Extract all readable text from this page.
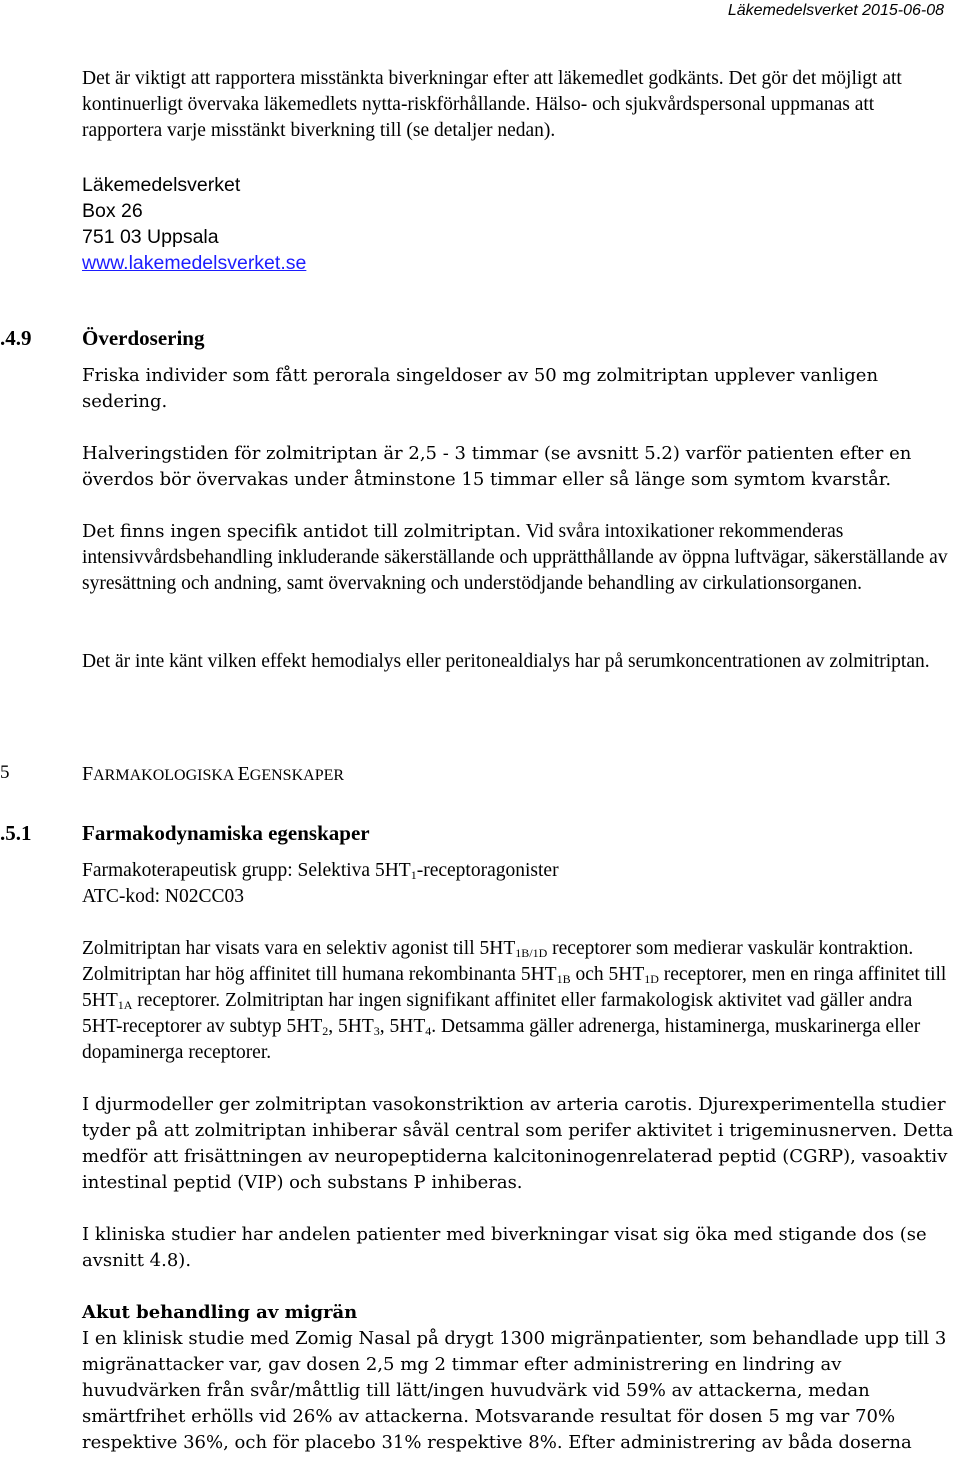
Läkemedelsverket 2015-06-08

Det är viktigt att rapportera misstänkta biverkningar efter att läkemedlet godkänts. Det gör det möjligt att kontinuerligt övervaka läkemedlets nytta-riskförhållande. Hälso- och sjukvårdspersonal uppmanas att rapportera varje misstänkt biverkning till (se detaljer nedan).

Läkemedelsverket
Box 26
751 03 Uppsala
www.lakemedelsverket.se
.4.9 Överdosering

Friska individer som fått perorala singeldoser av 50 mg zolmitriptan upplever vanligen sedering.

Halveringstiden för zolmitriptan är 2,5 - 3 timmar (se avsnitt 5.2) varför patienten efter en överdos bör övervakas under åtminstone 15 timmar eller så länge som symtom kvarstår.

Det finns ingen specifik antidot till zolmitriptan. Vid svåra intoxikationer rekommenderas intensivvårdsbehandling inkluderande säkerställande och upprätthållande av öppna luftvägar, säkerställande av syresättning och andning, samt övervakning och understödjande behandling av cirkulationsorganen.

Det är inte känt vilken effekt hemodialys eller peritonealdialys har på serumkoncentrationen av zolmitriptan.

5	FARMAKOLOGISKA EGENSKAPER
.5.1 Farmakodynamiska egenskaper
Farmakoterapeutisk grupp: Selektiva $5HT_1$-receptoragonister
ATC-kod: N02CC03

Zolmitriptan har visats vara en selektiv agonist till $5HT_{1B/1D}$ receptorer som medierar vaskulär kontraktion. Zolmitriptan har hög affinitet till humana rekombinanta $5HT_{1B}$ och $5HT_{1D}$ receptorer, men en ringa affinitet till $5HT_{1A}$ receptorer. Zolmitriptan har ingen signifikant affinitet eller farmakologisk aktivitet vad gäller andra 5HT-receptorer av subtyp $5HT_2$, $5HT_3$, $5HT_4$. Detsamma gäller adrenerga, histaminerga, muskarinerga eller dopaminerga receptorer.

I djurmodeller ger zolmitriptan vasokonstriktion av arteria carotis. Djurexperimentella studier tyder på att zolmitriptan inhiberar såväl central som perifer aktivitet i trigeminusnerven. Detta medför att frisättningen av neuropeptiderna kalcitoninogenrelaterad peptid (CGRP), vasoaktiv intestinal peptid (VIP) och substans P inhiberas.

I kliniska studier har andelen patienter med biverkningar visat sig öka med stigande dos (se avsnitt 4.8).

Akut behandling av migrän
I en klinisk studie med Zomig Nasal på drygt 1300 migränpatienter, som behandlade upp till 3 migränattacker var, gav dosen 2,5 mg 2 timmar efter administrering en lindring av huvudvärken från svår/måttlig till lätt/ingen huvudvärk vid 59% av attackerna, medan smärtfrihet erhölls vid 26% av attackerna. Motsvarande resultat för dosen 5 mg var 70% respektive 36%, och för placebo 31% respektive 8%. Efter administrering av båda doserna
